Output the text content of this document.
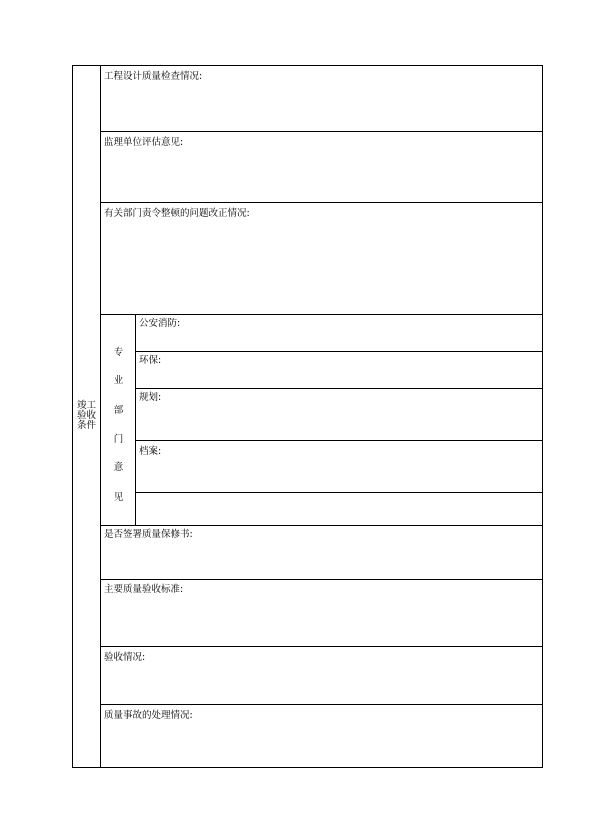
竣工
验收
条件
工程设计质量检查情况:
监理单位评估意见:
有关部门责令整顿的问题改正情况:
专
业
部
门
意
见
公安消防:
环保:
规划:
档案:
是否签署质量保修书:
主要质量验收标准:
验收情况:
质量事故的处理情况:
